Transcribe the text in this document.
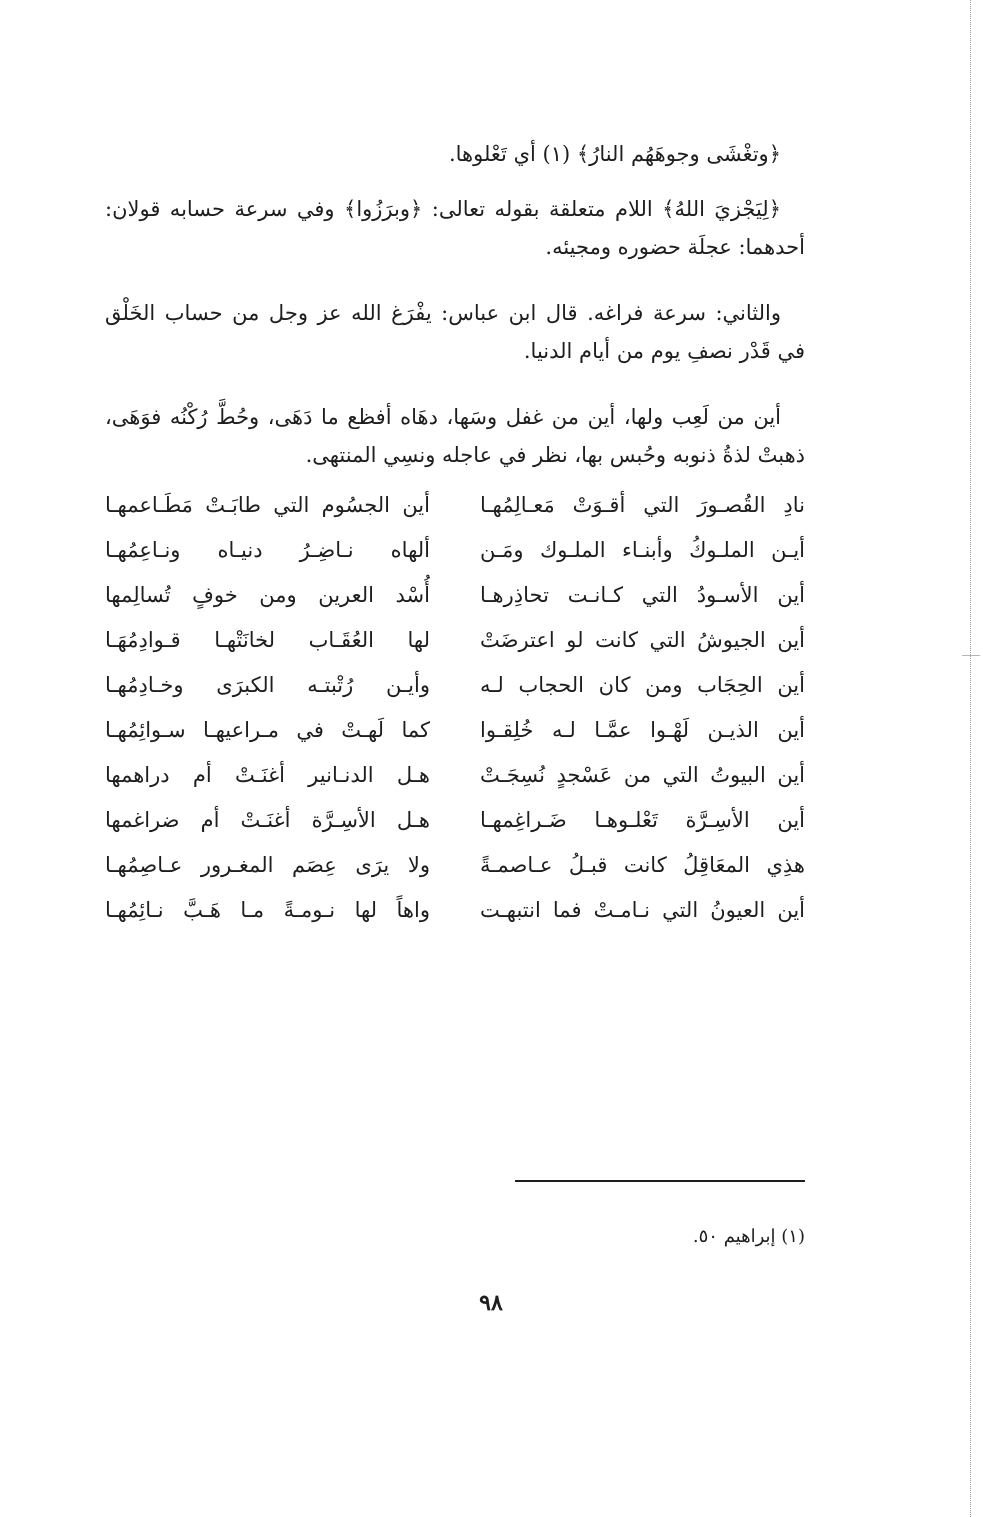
﴿وتغْشَى وجوهَهُم النارُ﴾ (١) أي تَعْلوها.

﴿لِيَجْزيَ اللهُ﴾ اللام متعلقة بقوله تعالى: ﴿وبرَزُوا﴾ وفي سرعة حسابه قولان: أحدهما: عجلَة حضوره ومجيئه.

والثاني: سرعة فراغه. قال ابن عباس: يفْرَغ الله عز وجل من حساب الخَلْق في قَدْر نصفِ يوم من أيام الدنيا.

أين من لَعِب ولها، أين من غفل وسَها، دهَاه أفظع ما دَهَى، وحُطَّ رُكْنُه فوَهَى، ذهبتْ لذةُ ذنوبه وحُبس بها، نظر في عاجله ونسِي المنتهى.

نادِ القُصـورَ التي أقـوَتْ مَعـالِمُهـا
أين الجسُوم التي طابَـتْ مَطَـاعمهـا
أيـن الملـوكُ وأبنـاء الملـوك ومَـن
ألهاه نـاضِـرُ دنيـاه ونـاعِمُهـا
أين الأسـودُ التي كـانـت تحاذِرهـا
أُسْد العرين ومن خوفٍ تُسالِمها
أين الجيوشُ التي كانت لو اعترضَتْ
لها العُقَـاب لخانَتْهـا قـوادِمُهَـا
أين الحِجَاب ومن كان الحجاب لـه
وأيـن رُتْبتـه الكبرَى وخـادِمُهـا
أين الذيـن لَهْـوا عمَّـا لـه خُلِقـوا
كما لَهـتْ في مـراعيهـا سـوائِمُهـا
أين البيوتُ التي من عَسْجدٍ نُسِجَـتْ
هـل الدنـانير أغنَـتْ أم دراهمها
أين الأسِـرَّة تَعْلـوهـا ضَـراغِمهـا
هـل الأسِـرَّة أغنَـتْ أم ضراغمها
هذِي المعَاقِلُ كانت قبـلُ عـاصمـةً
ولا يرَى عِصَم المغـرور عـاصِمُهـا
أين العيونُ التي نـامـتْ فما انتبهـت
واهاً لها نـومـةً مـا هَـبَّ نـائِمُهـا
(١) إبراهيم ٥٠.
٩٨
